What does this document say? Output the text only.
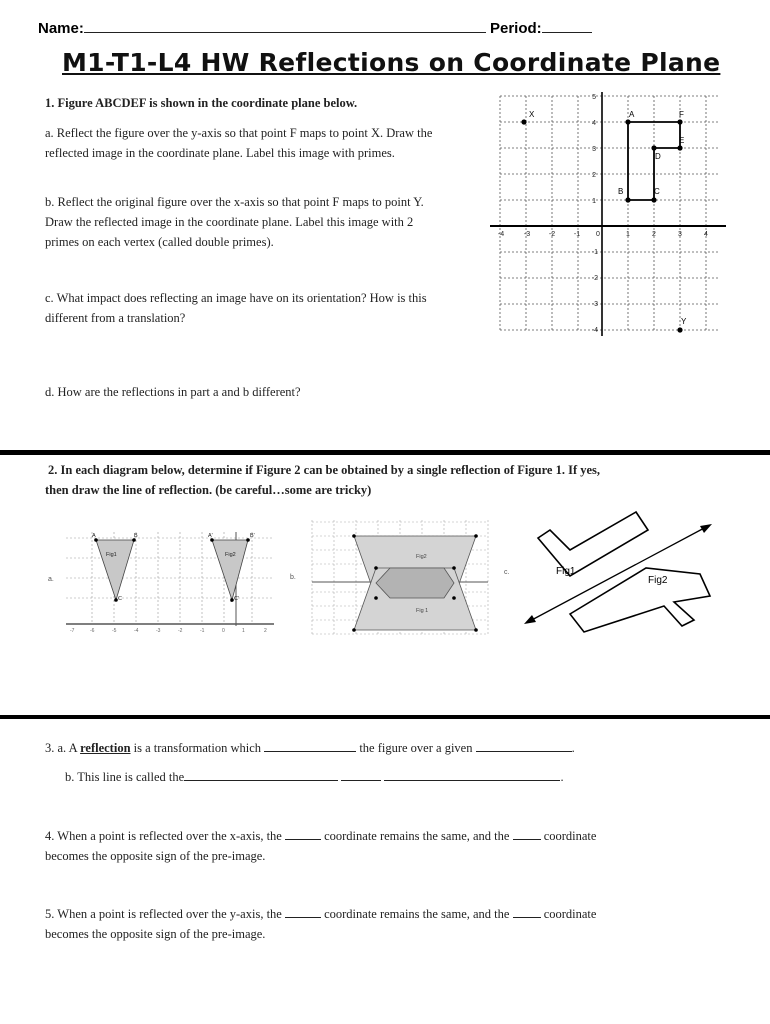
Name:	Period:
M1-T1-L4 HW Reflections on Coordinate Plane
1. Figure ABCDEF is shown in the coordinate plane below.
a. Reflect the figure over the y-axis so that point F maps to point X. Draw the
reflected image in the coordinate plane. Label this image with primes.
b. Reflect the original figure over the x-axis so that point F maps to point Y.
Draw the reflected image in the coordinate plane. Label this image with 2
primes on each vertex (called double primes).
c. What impact does reflecting an image have on its orientation? How is this
different from a translation?
d. How are the reflections in part a and b different?
-4	-3	-2	-1 0	1	2	3	4
5
4
3
2
1
-1
-2
-3
-4
A	F
E
D
C
B
X
Y
2. In each diagram below, determine if Figure 2 can be obtained by a single reflection of Figure 1. If yes,
then draw the line of reflection. (be careful…some are tricky)
a.
-7	-6	-5	-4	-3	-2	-1	0	1	2
Fig1	Fig2
A	B
C
A'	B'
C'
b.
Fig2
Fig 1
c.	Fig1
Fig2
3. a. A reflection is a transformation which	the figure over a given	.
b. This line is called the	.
4. When a point is reflected over the x-axis, the	coordinate remains the same, and the	coordinate
becomes the opposite sign of the pre-image.
5. When a point is reflected over the y-axis, the	coordinate remains the same, and the	coordinate
becomes the opposite sign of the pre-image.
